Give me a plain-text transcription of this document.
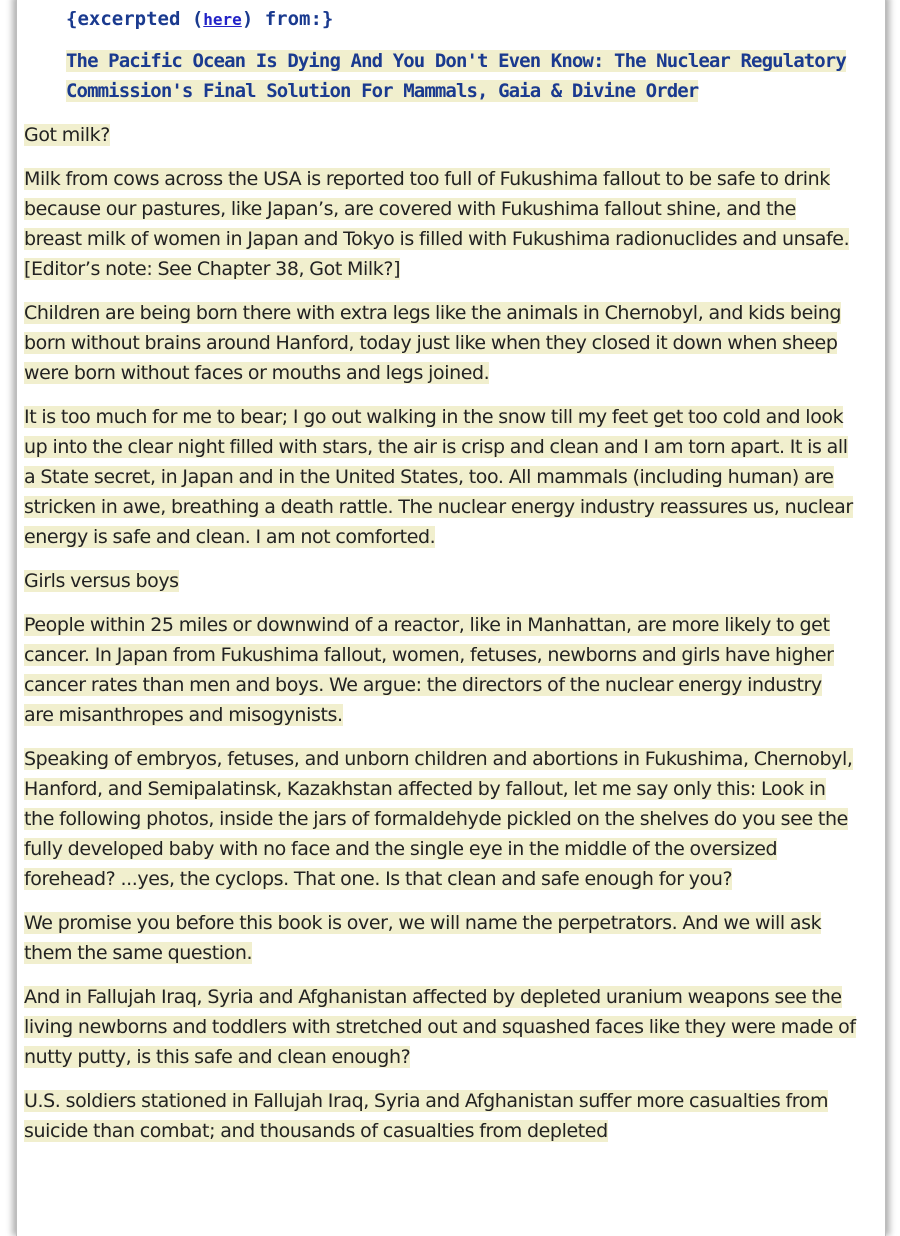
{excerpted (here) from:}
The Pacific Ocean Is Dying And You Don't Even Know: The Nuclear Regulatory Commission's Final Solution For Mammals, Gaia & Divine Order
Got milk?
Milk from cows across the USA is reported too full of Fukushima fallout to be safe to drink because our pastures, like Japan’s, are covered with Fukushima fallout shine, and the breast milk of women in Japan and Tokyo is filled with Fukushima radionuclides and unsafe. [Editor’s note: See Chapter 38, Got Milk?]
Children are being born there with extra legs like the animals in Chernobyl, and kids being born without brains around Hanford, today just like when they closed it down when sheep were born without faces or mouths and legs joined.
It is too much for me to bear; I go out walking in the snow till my feet get too cold and look up into the clear night filled with stars, the air is crisp and clean and I am torn apart. It is all a State secret, in Japan and in the United States, too. All mammals (including human) are stricken in awe, breathing a death rattle. The nuclear energy industry reassures us, nuclear energy is safe and clean. I am not comforted.
Girls versus boys
People within 25 miles or downwind of a reactor, like in Manhattan, are more likely to get cancer. In Japan from Fukushima fallout, women, fetuses, newborns and girls have higher cancer rates than men and boys. We argue: the directors of the nuclear energy industry are misanthropes and misogynists.
Speaking of embryos, fetuses, and unborn children and abortions in Fukushima, Chernobyl, Hanford, and Semipalatinsk, Kazakhstan affected by fallout, let me say only this: Look in the following photos, inside the jars of formaldehyde pickled on the shelves do you see the fully developed baby with no face and the single eye in the middle of the oversized forehead? ...yes, the cyclops. That one. Is that clean and safe enough for you?
We promise you before this book is over, we will name the perpetrators. And we will ask them the same question.
And in Fallujah Iraq, Syria and Afghanistan affected by depleted uranium weapons see the living newborns and toddlers with stretched out and squashed faces like they were made of nutty putty, is this safe and clean enough?
U.S. soldiers stationed in Fallujah Iraq, Syria and Afghanistan suffer more casualties from suicide than combat; and thousands of casualties from depleted
